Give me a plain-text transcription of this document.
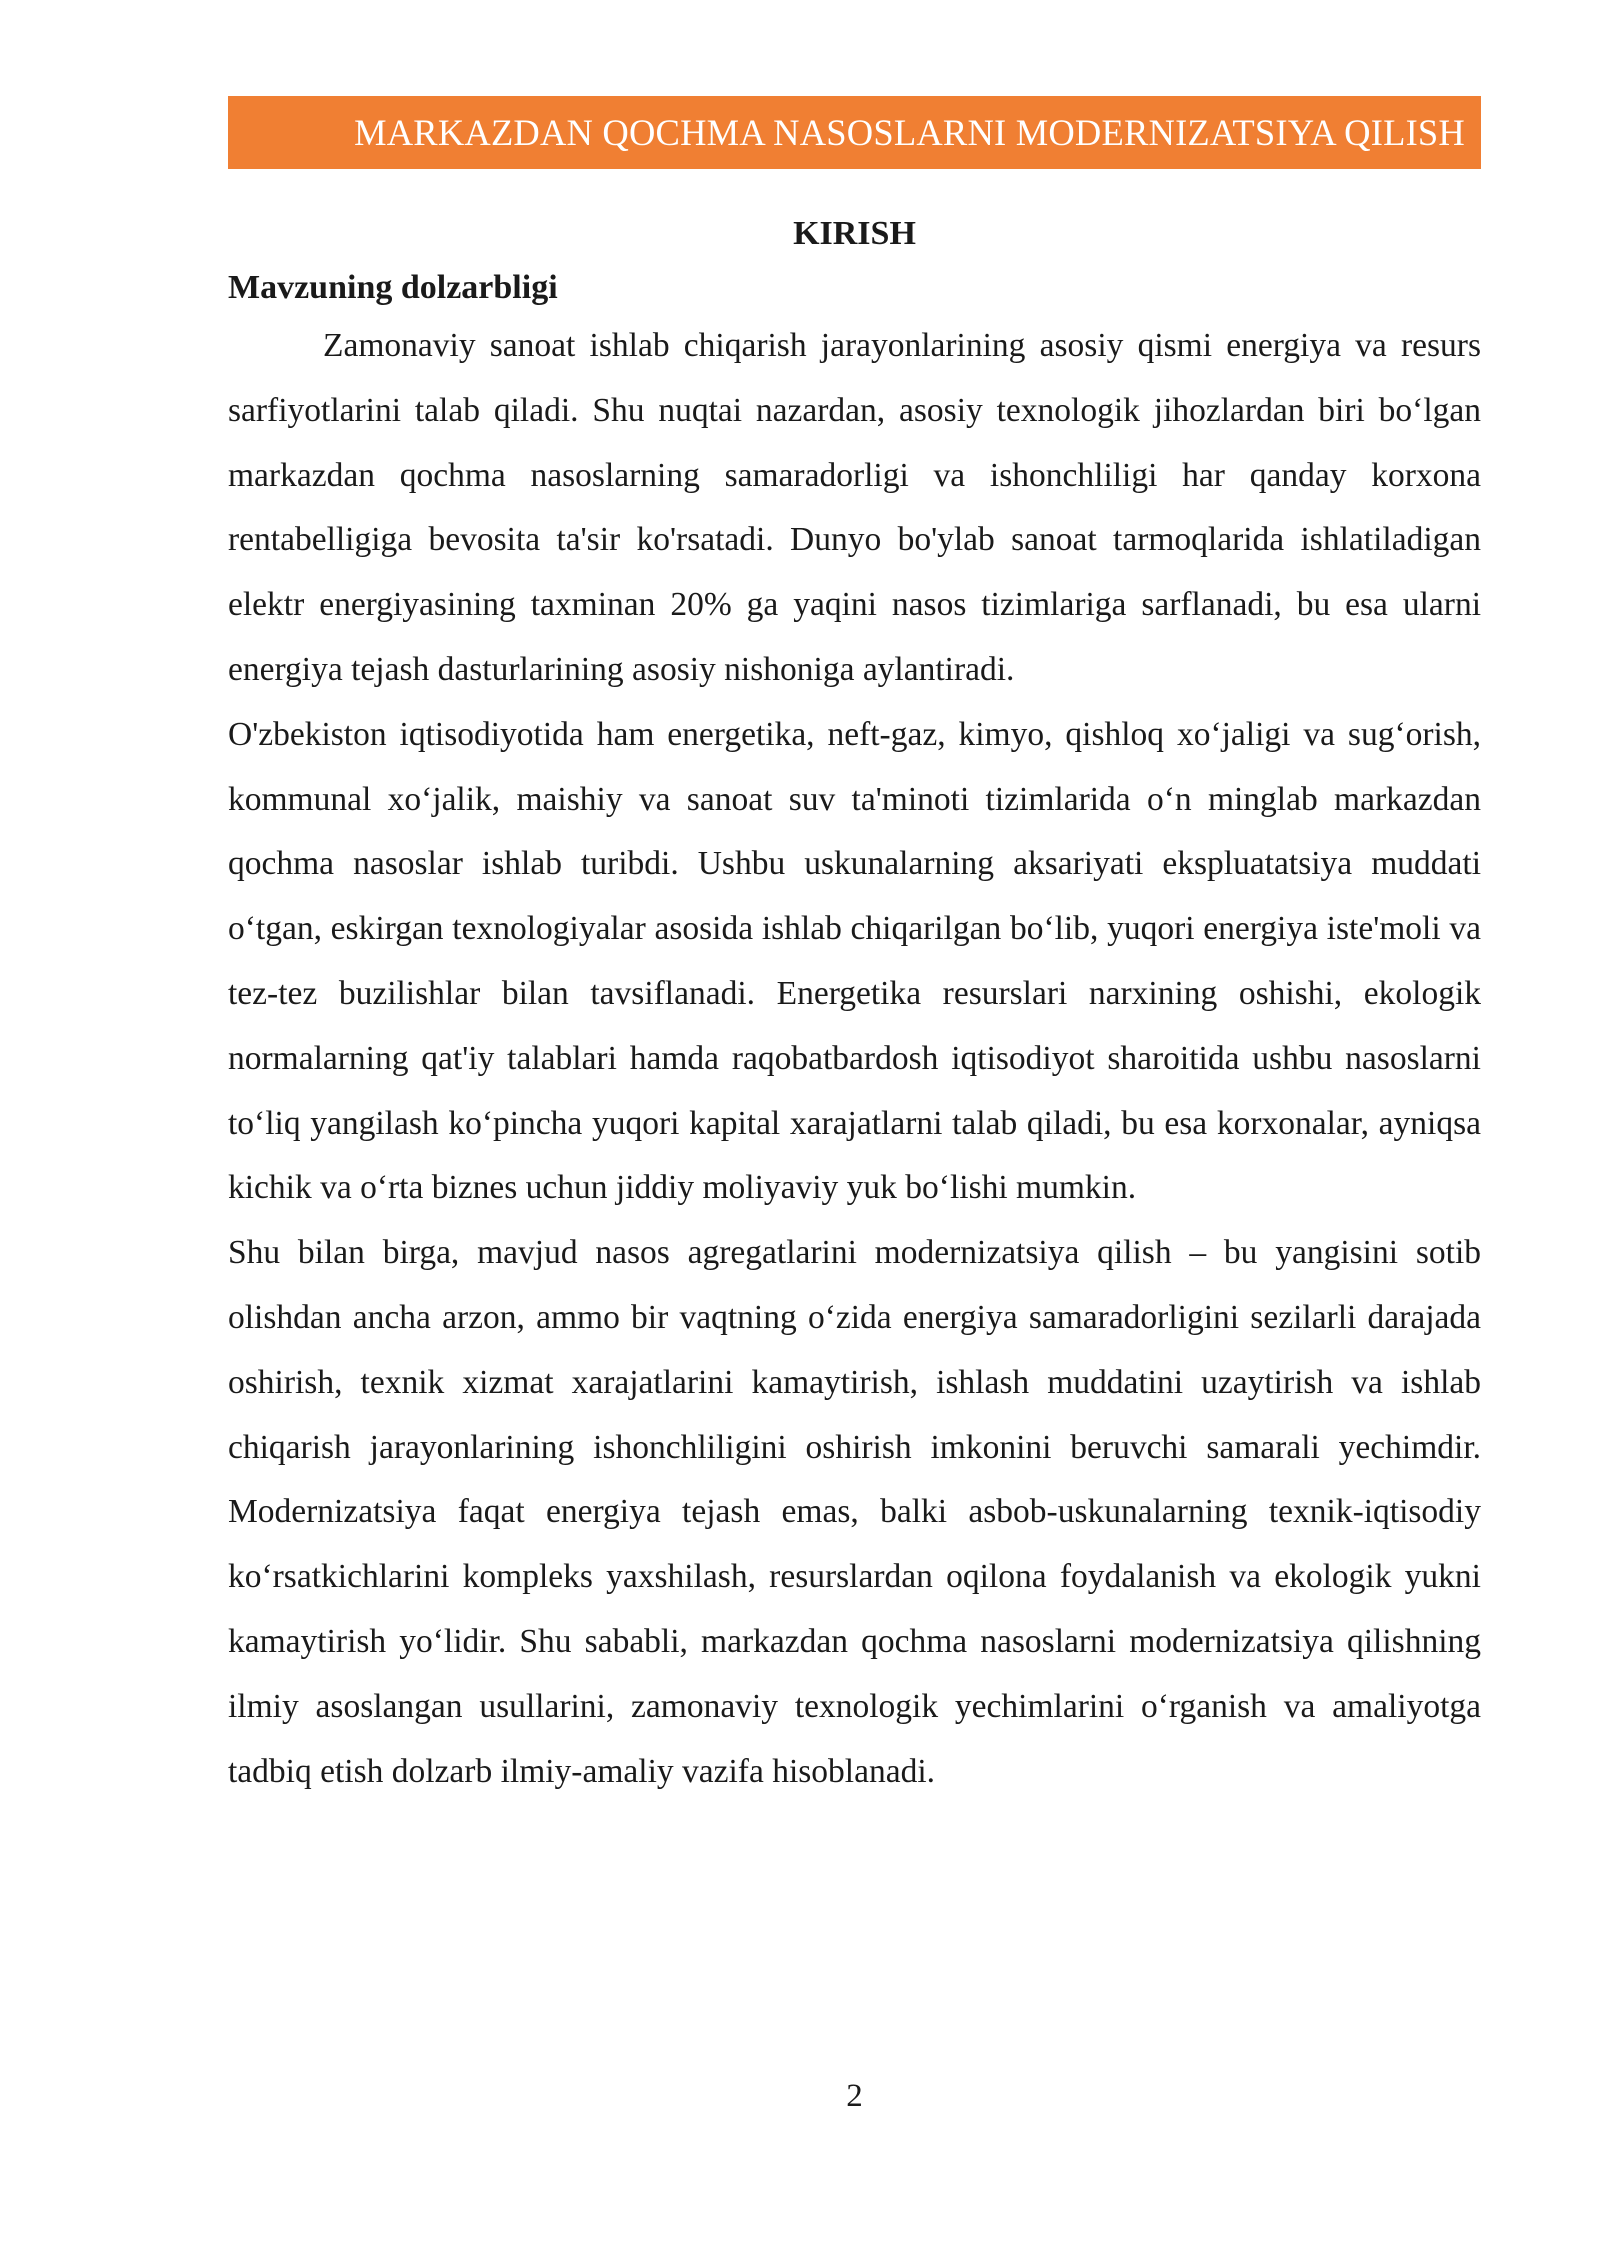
MARKAZDAN QOCHMA NASOSLARNI MODERNIZATSIYA QILISH
KIRISH
Mavzuning dolzarbligi

Zamonaviy sanoat ishlab chiqarish jarayonlarining asosiy qismi energiya va resurs sarfiyotlarini talab qiladi. Shu nuqtai nazardan, asosiy texnologik jihozlardan biri boʻlgan markazdan qochma nasoslarning samaradorligi va ishonchliligi har qanday korxona rentabelligiga bevosita ta'sir ko'rsatadi. Dunyo bo'ylab sanoat tarmoqlarida ishlatiladigan elektr energiyasining taxminan 20% ga yaqini nasos tizimlariga sarflanadi, bu esa ularni energiya tejash dasturlarining asosiy nishoniga aylantiradi.

O'zbekiston iqtisodiyotida ham energetika, neft-gaz, kimyo, qishloq xoʻjaligi va sugʻorish, kommunal xoʻjalik, maishiy va sanoat suv ta'minoti tizimlarida oʻn minglab markazdan qochma nasoslar ishlab turibdi. Ushbu uskunalarning aksariyati ekspluatatsiya muddati oʻtgan, eskirgan texnologiyalar asosida ishlab chiqarilgan boʻlib, yuqori energiya iste'moli va tez-tez buzilishlar bilan tavsiflanadi. Energetika resurslari narxining oshishi, ekologik normalarning qat'iy talablari hamda raqobatbardosh iqtisodiyot sharoitida ushbu nasoslarni toʻliq yangilash koʻpincha yuqori kapital xarajatlarni talab qiladi, bu esa korxonalar, ayniqsa kichik va oʻrta biznes uchun jiddiy moliyaviy yuk boʻlishi mumkin.

Shu bilan birga, mavjud nasos agregatlarini modernizatsiya qilish – bu yangisini sotib olishdan ancha arzon, ammo bir vaqtning oʻzida energiya samaradorligini sezilarli darajada oshirish, texnik xizmat xarajatlarini kamaytirish, ishlash muddatini uzaytirish va ishlab chiqarish jarayonlarining ishonchliligini oshirish imkonini beruvchi samarali yechimdir. Modernizatsiya faqat energiya tejash emas, balki asbob-uskunalarning texnik-iqtisodiy koʻrsatkichlarini kompleks yaxshilash, resurslardan oqilona foydalanish va ekologik yukni kamaytirish yoʻlidir. Shu sababli, markazdan qochma nasoslarni modernizatsiya qilishning ilmiy asoslangan usullarini, zamonaviy texnologik yechimlarini oʻrganish va amaliyotga tadbiq etish dolzarb ilmiy-amaliy vazifa hisoblanadi.

2
